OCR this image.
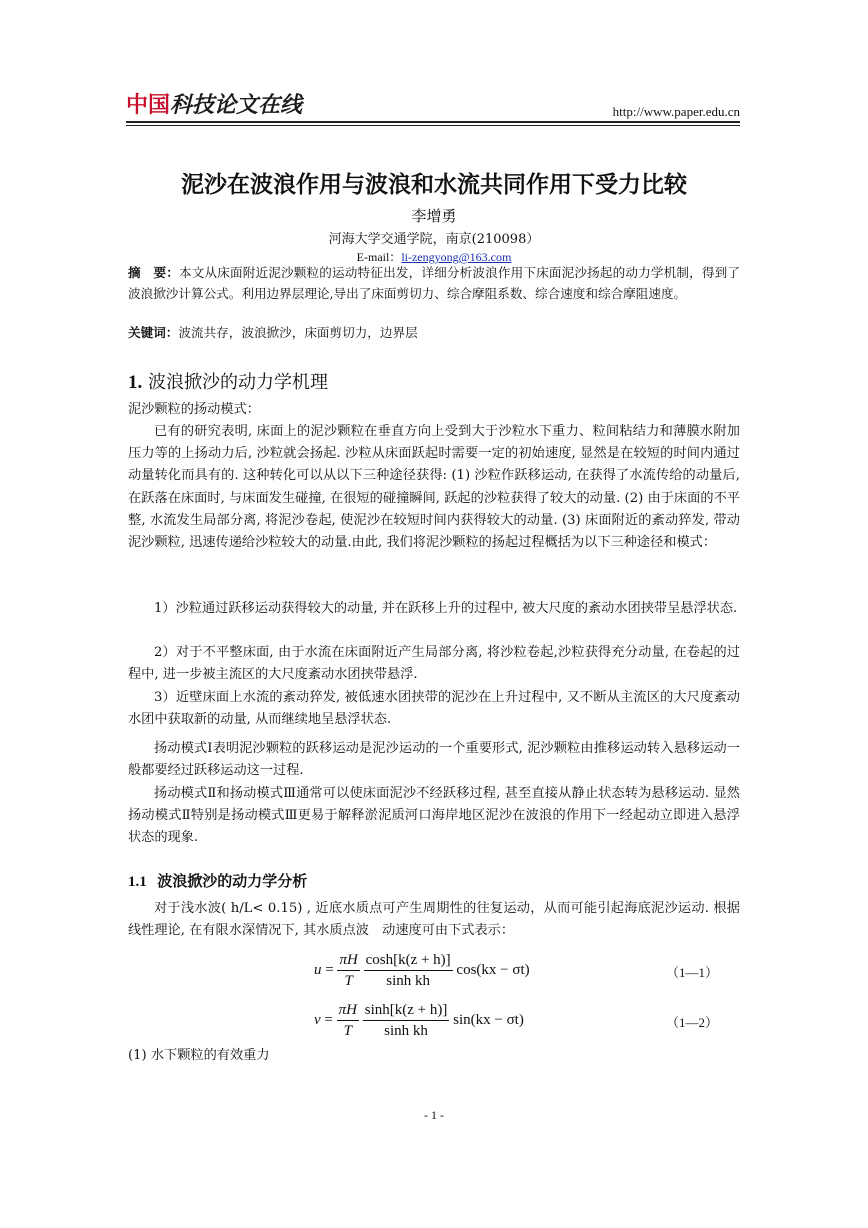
中国科技论文在线	http://www.paper.edu.cn
泥沙在波浪作用与波浪和水流共同作用下受力比较
李增勇
河海大学交通学院，南京(210098）
E-mail：li-zengyong@163.com
摘　要：本文从床面附近泥沙颗粒的运动特征出发，详细分析波浪作用下床面泥沙扬起的动力学机制，得到了波浪掀沙计算公式。利用边界层理论,导出了床面剪切力、综合摩阻系数、综合速度和综合摩阻速度。
关键词：波流共存，波浪掀沙，床面剪切力，边界层
1. 波浪掀沙的动力学机理
泥沙颗粒的扬动模式：
已有的研究表明, 床面上的泥沙颗粒在垂直方向上受到大于沙粒水下重力、粒间粘结力和薄膜水附加压力等的上扬动力后, 沙粒就会扬起. 沙粒从床面跃起时需要一定的初始速度, 显然是在较短的时间内通过动量转化而具有的. 这种转化可以从以下三种途径获得: (1) 沙粒作跃移运动, 在获得了水流传给的动量后, 在跃落在床面时, 与床面发生碰撞, 在很短的碰撞瞬间, 跃起的沙粒获得了较大的动量. (2) 由于床面的不平整, 水流发生局部分离, 将泥沙卷起, 使泥沙在较短时间内获得较大的动量. (3) 床面附近的紊动猝发, 带动泥沙颗粒, 迅速传递给沙粒较大的动量.由此, 我们将泥沙颗粒的扬起过程概括为以下三种途径和模式：
1）沙粒通过跃移运动获得较大的动量, 并在跃移上升的过程中, 被大尺度的紊动水团挟带呈悬浮状态.
2）对于不平整床面, 由于水流在床面附近产生局部分离, 将沙粒卷起,沙粒获得充分动量, 在卷起的过程中, 进一步被主流区的大尺度紊动水团挟带悬浮.
3）近壁床面上水流的紊动猝发, 被低速水团挟带的泥沙在上升过程中, 又不断从主流区的大尺度紊动水团中获取新的动量, 从而继续地呈悬浮状态.
扬动模式Ⅰ表明泥沙颗粒的跃移运动是泥沙运动的一个重要形式, 泥沙颗粒由推移运动转入悬移运动一般都要经过跃移运动这一过程.
扬动模式Ⅱ和扬动模式Ⅲ通常可以使床面泥沙不经跃移过程, 甚至直接从静止状态转为悬移运动. 显然扬动模式Ⅱ特别是扬动模式Ⅲ更易于解释淤泥质河口海岸地区泥沙在波浪的作用下一经起动立即进入悬浮状态的现象.
1.1 波浪掀沙的动力学分析
对于浅水波( h/L< 0.15) , 近底水质点可产生周期性的往复运动，从而可能引起海底泥沙运动. 根据线性理论, 在有限水深情况下, 其水质点波　动速度可由下式表示：
$u = \frac{\pi H}{T}$
$\frac{\cosh[k(z + h)]}{\text{sinh kh}} \cos(kx - \sigma t)$	（1—1）
$v = \frac{\pi H}{T}$
$\frac{\sinh[k(z + h)]}{\text{sinh kh}} \sin(kx - \sigma t)$	（1—2）
(1) 水下颗粒的有效重力
- 1 -
